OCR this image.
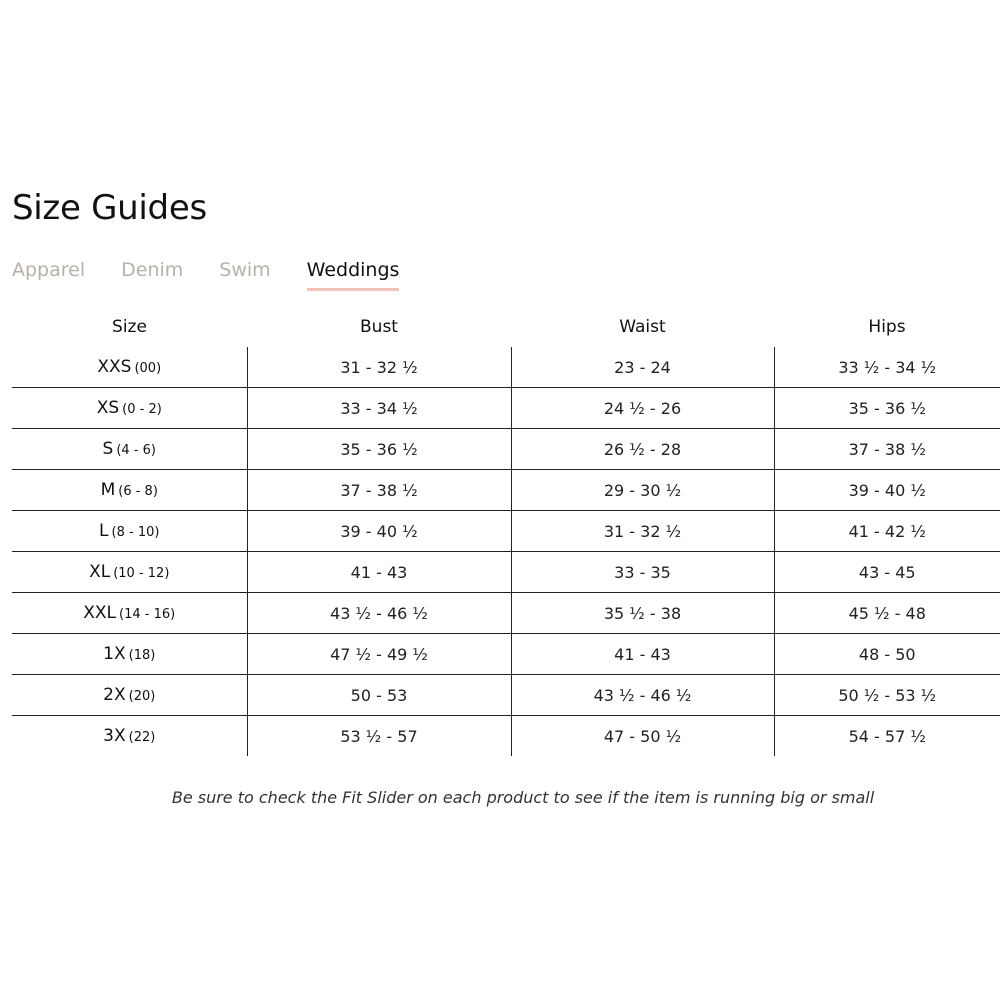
Size Guides
Apparel Denim Swim Weddings
Size	Bust	Waist	Hips
XXS (00)	31 - 32 ½	23 - 24	33 ½ - 34 ½
XS (0 - 2)	33 - 34 ½	24 ½ - 26	35 - 36 ½
S (4 - 6)	35 - 36 ½	26 ½ - 28	37 - 38 ½
M (6 - 8)	37 - 38 ½	29 - 30 ½	39 - 40 ½
L (8 - 10)	39 - 40 ½	31 - 32 ½	41 - 42 ½
XL (10 - 12)	41 - 43	33 - 35	43 - 45
XXL (14 - 16)	43 ½ - 46 ½	35 ½ - 38	45 ½ - 48
1X (18)	47 ½ - 49 ½	41 - 43	48 - 50
2X (20)	50 - 53	43 ½ - 46 ½	50 ½ - 53 ½
3X (22)	53 ½ - 57	47 - 50 ½	54 - 57 ½

Be sure to check the Fit Slider on each product to see if the item is running big or small
